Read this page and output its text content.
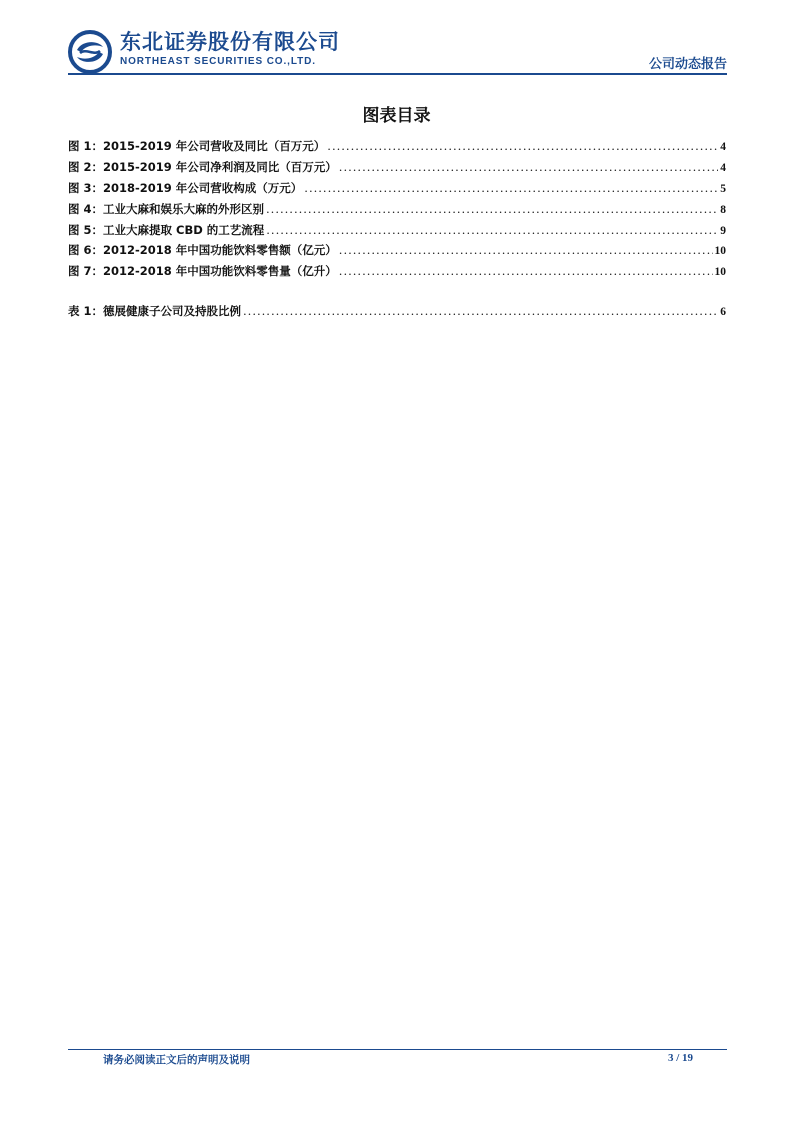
东北证券股份有限公司
NORTHEAST SECURITIES CO.,LTD.	公司动态报告
图表目录
图 1：2015-2019 年公司营收及同比（百万元） .....	4
图 2：2015-2019 年公司净利润及同比（百万元） .....	4
图 3：2018-2019 年公司营收构成（万元） .....	5
图 4：工业大麻和娱乐大麻的外形区别 .....	8
图 5：工业大麻提取 CBD 的工艺流程 .....	9
图 6：2012-2018 年中国功能饮料零售额（亿元） .....	10
图 7：2012-2018 年中国功能饮料零售量（亿升） .....	10
表 1：德展健康子公司及持股比例 .....	6
请务必阅读正文后的声明及说明	3 / 19
